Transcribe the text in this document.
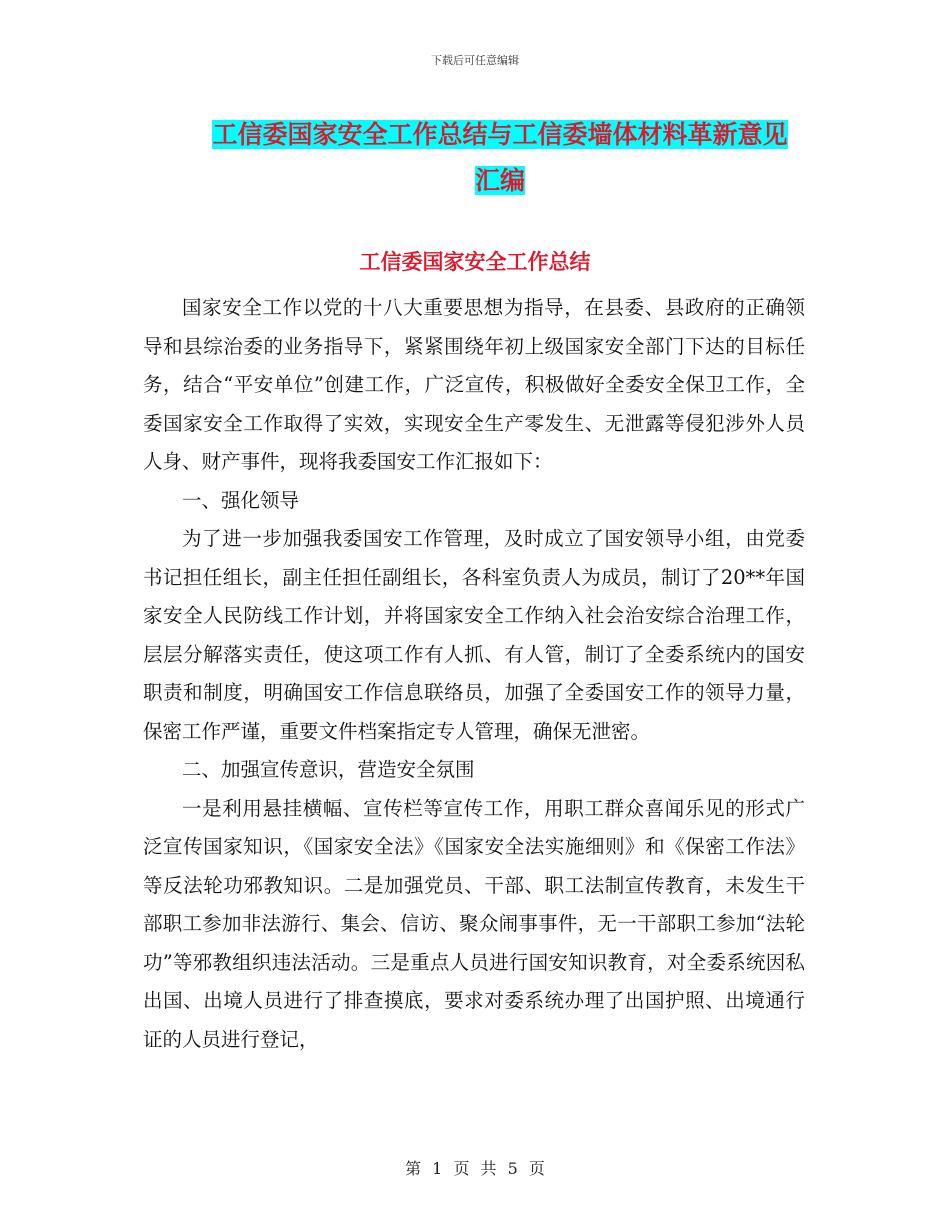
下载后可任意编辑
工信委国家安全工作总结与工信委墙体材料革新意见
汇编
工信委国家安全工作总结

国家安全工作以党的十八大重要思想为指导，在县委、县政府的正确领导和县综治委的业务指导下，紧紧围绕年初上级国家安全部门下达的目标任务，结合“平安单位”创建工作，广泛宣传，积极做好全委安全保卫工作，全委国家安全工作取得了实效，实现安全生产零发生、无泄露等侵犯涉外人员人身、财产事件，现将我委国安工作汇报如下：

一、强化领导

为了进一步加强我委国安工作管理，及时成立了国安领导小组，由党委书记担任组长，副主任担任副组长，各科室负责人为成员，制订了20**年国家安全人民防线工作计划，并将国家安全工作纳入社会治安综合治理工作，层层分解落实责任，使这项工作有人抓、有人管，制订了全委系统内的国安职责和制度，明确国安工作信息联络员，加强了全委国安工作的领导力量，保密工作严谨，重要文件档案指定专人管理，确保无泄密。

二、加强宣传意识，营造安全氛围

一是利用悬挂横幅、宣传栏等宣传工作，用职工群众喜闻乐见的形式广泛宣传国家知识，《国家安全法》《国家安全法实施细则》和《保密工作法》等反法轮功邪教知识。二是加强党员、干部、职工法制宣传教育，未发生干部职工参加非法游行、集会、信访、聚众闹事事件，无一干部职工参加“法轮功”等邪教组织违法活动。三是重点人员进行国安知识教育，对全委系统因私出国、出境人员进行了排查摸底，要求对委系统办理了出国护照、出境通行证的人员进行登记，

第 1 页 共 5 页
